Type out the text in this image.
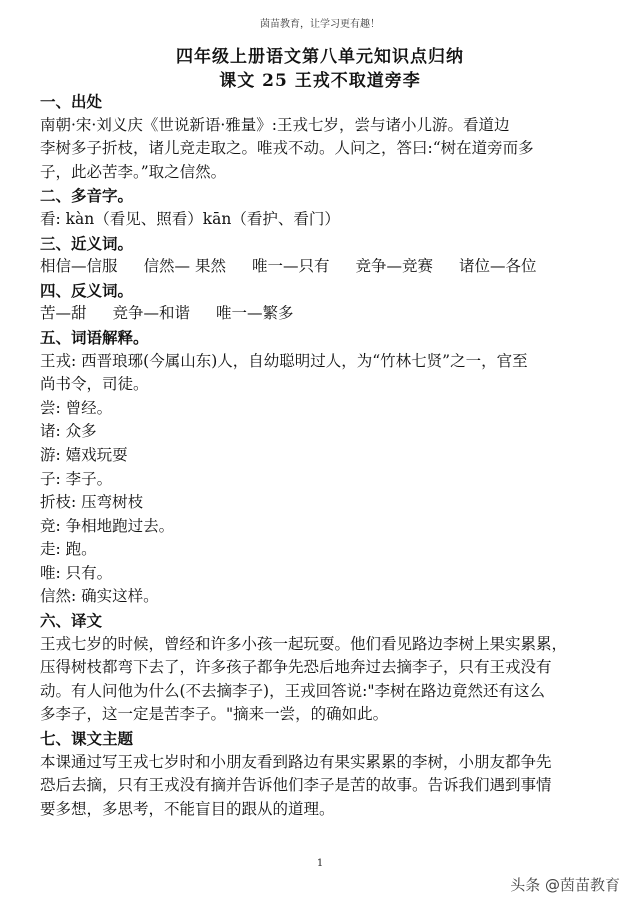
茵苗教育，让学习更有趣！
四年级上册语文第八单元知识点归纳
课文 25 王戎不取道旁李
一、出处
南朝·宋·刘义庆《世说新语·雅量》:王戎七岁，尝与诸小儿游。看道边
李树多子折枝，诸儿竞走取之。唯戎不动。人问之，答曰:“树在道旁而多
子，此必苦李。”取之信然。
二、多音字。
看: kàn（看见、照看）kān（看护、看门）
三、近义词。
相信—信服 信然— 果然 唯一—只有 竞争—竞赛 诸位—各位
四、反义词。
苦—甜 竞争—和谐 唯一—繁多
五、词语解释。
王戎: 西晋琅琊(今属山东)人，自幼聪明过人，为“竹林七贤”之一，官至
尚书令，司徒。
尝: 曾经。
诸: 众多
游: 嬉戏玩耍
子: 李子。
折枝: 压弯树枝
竞: 争相地跑过去。
走: 跑。
唯: 只有。
信然: 确实这样。
六、译文
王戎七岁的时候，曾经和许多小孩一起玩耍。他们看见路边李树上果实累累，
压得树枝都弯下去了，许多孩子都争先恐后地奔过去摘李子，只有王戎没有
动。有人问他为什么(不去摘李子)，王戎回答说:"李树在路边竟然还有这么
多李子，这一定是苦李子。"摘来一尝，的确如此。
七、课文主题
本课通过写王戎七岁时和小朋友看到路边有果实累累的李树，小朋友都争先
恐后去摘，只有王戎没有摘并告诉他们李子是苦的故事。告诉我们遇到事情
要多想，多思考，不能盲目的跟从的道理。
1
头条 @茵苗教育
